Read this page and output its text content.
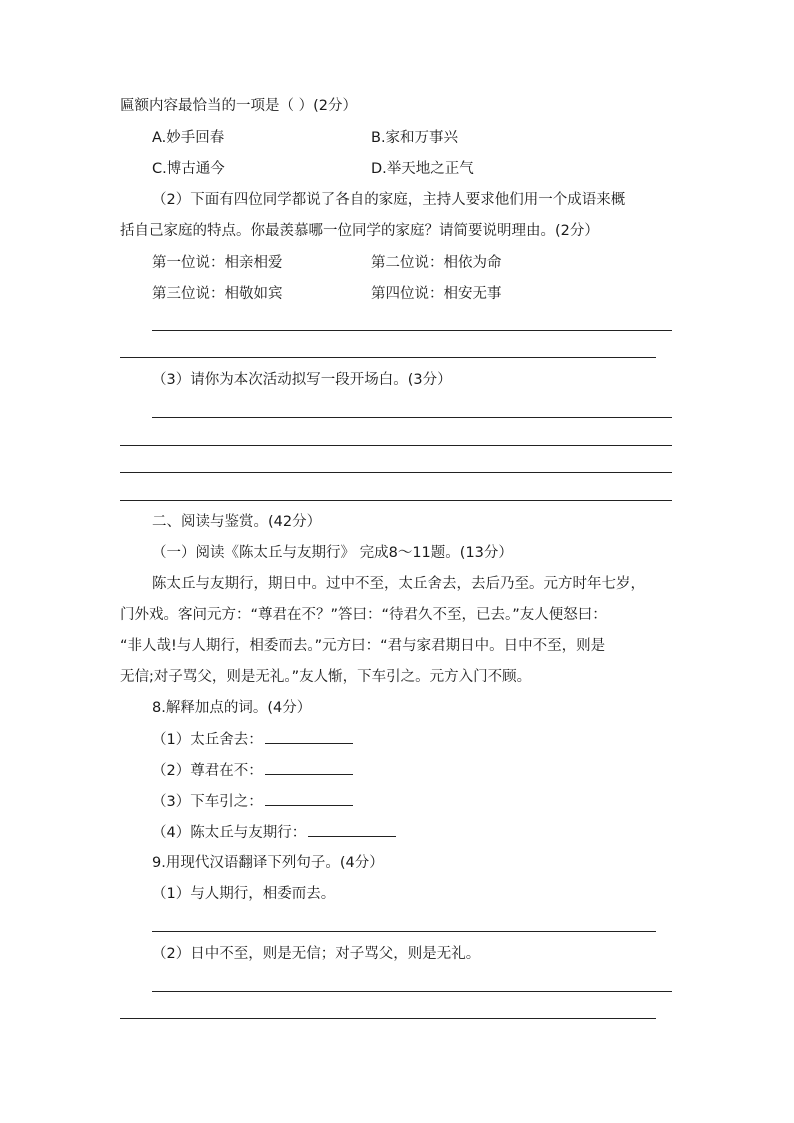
匾额内容最恰当的一项是（ ）(2分）
A.妙手回春	B.家和万事兴
C.博古通今	D.举天地之正气
（2）下面有四位同学都说了各自的家庭，主持人要求他们用一个成语来概
括自己家庭的特点。你最羡慕哪一位同学的家庭？请简要说明理由。(2分）
第一位说：相亲相爱	第二位说：相依为命
第三位说：相敬如宾	第四位说：相安无事
（3）请你为本次活动拟写一段开场白。(3分）
二、阅读与鉴赏。(42分）
（一）阅读《陈太丘与友期行》 完成8～11题。(13分）
陈太丘与友期行，期日中。过中不至，太丘舍去，去后乃至。元方时年七岁，
门外戏。客问元方：“尊君在不？”答曰：“待君久不至，已去。”友人便怒曰：
“非人哉!与人期行，相委而去。”元方曰：“君与家君期日中。日中不至，则是
无信;对子骂父，则是无礼。”友人惭，下车引之。元方入门不顾。
8.解释加点的词。(4分）
（1）太丘舍去：
（2）尊君在不：
（3）下车引之：
（4）陈太丘与友期行：
9.用现代汉语翻译下列句子。(4分）
（1）与人期行，相委而去。
（2）日中不至，则是无信；对子骂父，则是无礼。
